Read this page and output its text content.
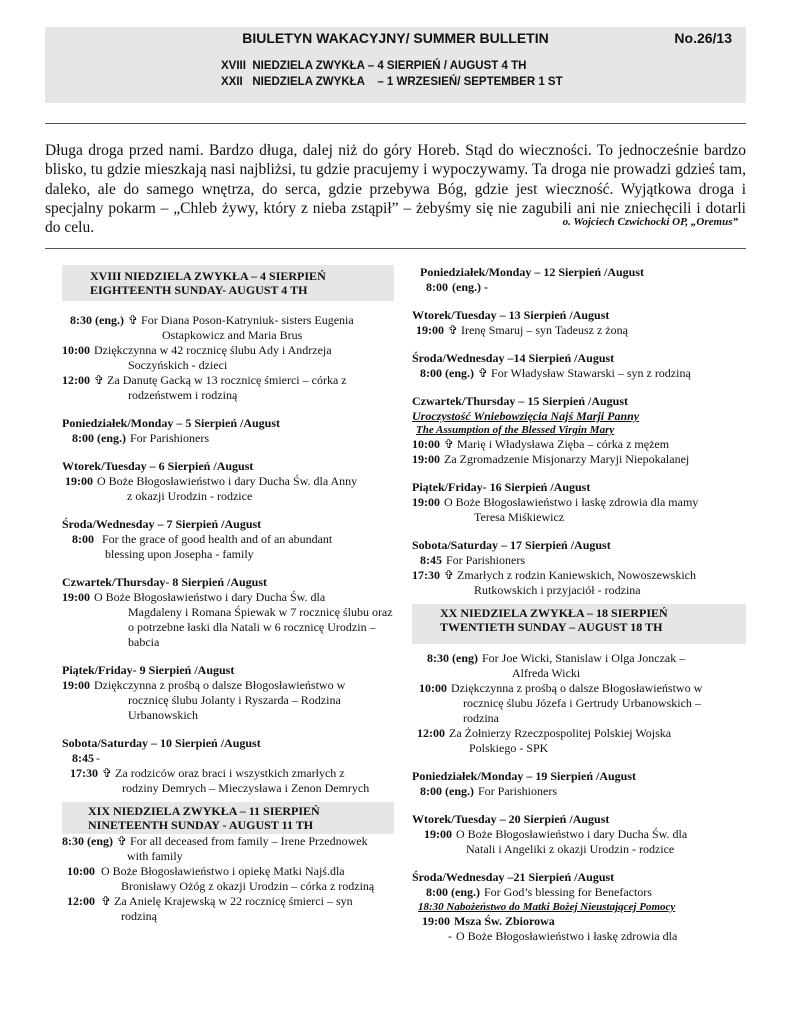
BIULETYN WAKACYJNY/ SUMMER BULLETIN	No.26/13
XVIII  NIEDZIELA ZWYKŁA – 4 SIERPIEŃ / AUGUST 4 TH
XXII   NIEDZIELA ZWYKŁA    – 1 WRZESIEŃ/ SEPTEMBER 1 ST
Długa droga przed nami. Bardzo długa, dalej niż do góry Horeb. Stąd do wieczności. To jednocześnie bardzo blisko, tu gdzie mieszkają nasi najbliżsi, tu gdzie pracujemy i wypoczywamy. Ta droga nie prowadzi gdzieś tam, daleko, ale do samego wnętrza, do serca, gdzie przebywa Bóg, gdzie jest wieczność. Wyjątkowa droga i specjalny pokarm – „Chleb żywy, który z nieba zstąpił” – żebyśmy się nie zagubili ani nie zniechęcili i dotarli do celu.	o. Wojciech Czwichocki OP, „Oremus”
XVIII NIEDZIELA ZWYKŁA – 4 SIERPIEŃ
EIGHTEENTH SUNDAY- AUGUST 4 TH
8:30 (eng.) ✞ For Diana Poson-Katryniuk- sisters Eugenia
Ostapkowicz and Maria Brus
10:00 Dziękczynna w 42 rocznicę ślubu Ady i Andrzeja
Soczyńskich - dzieci
12:00 ✞ Za Danutę Gacką w 13 rocznicę śmierci – córka z
rodzeństwem i rodziną
Poniedziałek/Monday – 5 Sierpień /August
8:00 (eng.) For Parishioners
Wtorek/Tuesday – 6 Sierpień /August
19:00 O Boże Błogosławieństwo i dary Ducha Św. dla Anny
z okazji Urodzin - rodzice
Środa/Wednesday – 7 Sierpień /August
8:00 For the grace of good health and of an abundant
blessing upon Josepha - family
Czwartek/Thursday- 8 Sierpień /August
19:00 O Boże Błogosławieństwo i dary Ducha Św. dla
Magdaleny i Romana Śpiewak w 7 rocznicę ślubu oraz
o potrzebne łaski dla Natali w 6 rocznicę Urodzin –
babcia
Piątek/Friday- 9 Sierpień /August
19:00 Dziękczynna z prośbą o dalsze Błogosławieństwo w
rocznicę ślubu Jolanty i Ryszarda – Rodzina
Urbanowskich
Sobota/Saturday – 10 Sierpień /August
8:45 -
17:30 ✞ Za rodziców oraz braci i wszystkich zmarłych z
rodziny Demrych – Mieczysława i Zenon Demrych
XIX NIEDZIELA ZWYKŁA – 11 SIERPIEŃ
NINETEENTH SUNDAY - AUGUST 11 TH
8:30 (eng) ✞ For all deceased from family – Irene Przednowek
with family
10:00 O Boże Błogosławieństwo i opiekę Matki Najś.dla
Bronisławy Ożóg z okazji Urodzin – córka z rodziną
12:00 ✞ Za Anielę Krajewską w 22 rocznicę śmierci – syn
rodziną
Poniedziałek/Monday – 12 Sierpień /August
8:00 (eng.) -
Wtorek/Tuesday – 13 Sierpień /August
19:00 ✞ Irenę Smaruj – syn Tadeusz z żoną
Środa/Wednesday –14 Sierpień /August
8:00 (eng.) ✞ For Władysław Stawarski – syn z rodziną
Czwartek/Thursday – 15 Sierpień /August
Uroczystość Wniebowzięcia Najś Marji Panny
The Assumption of the Blessed Virgin Mary
10:00 ✞ Marię i Władysława Zięba – córka z mężem
19:00 Za Zgromadzenie Misjonarzy Maryji Niepokalanej
Piątek/Friday- 16 Sierpień /August
19:00 O Boże Błogosławieństwo i łaskę zdrowia dla mamy
Teresa Miśkiewicz
Sobota/Saturday – 17 Sierpień /August
8:45 For Parishioners
17:30 ✞ Zmarłych z rodzin Kaniewskich, Nowoszewskich
Rutkowskich i przyjaciół - rodzina
XX NIEDZIELA ZWYKŁA – 18 SIERPIEŃ
TWENTIETH SUNDAY – AUGUST 18 TH
8:30 (eng) For Joe Wicki, Stanislaw i Olga Jonczak –
Alfreda Wicki
10:00 Dziękczynna z prośbą o dalsze Błogosławieństwo w
rocznicę ślubu Józefa i Gertrudy Urbanowskich –
rodzina
12:00 Za Żołnierzy Rzeczpospolitej Polskiej Wojska
Polskiego - SPK
Poniedziałek/Monday – 19 Sierpień /August
8:00 (eng.) For Parishioners
Wtorek/Tuesday – 20 Sierpień /August
19:00 O Boże Błogosławieństwo i dary Ducha Św. dla
Natali i Angeliki z okazji Urodzin - rodzice
Środa/Wednesday –21 Sierpień /August
8:00 (eng.) For God’s blessing for Benefactors
18:30 Nabożeństwo do Matki Bożej Nieustającej Pomocy
19:00 Msza Św. Zbiorowa
- O Boże Błogosławieństwo i łaskę zdrowia dla
